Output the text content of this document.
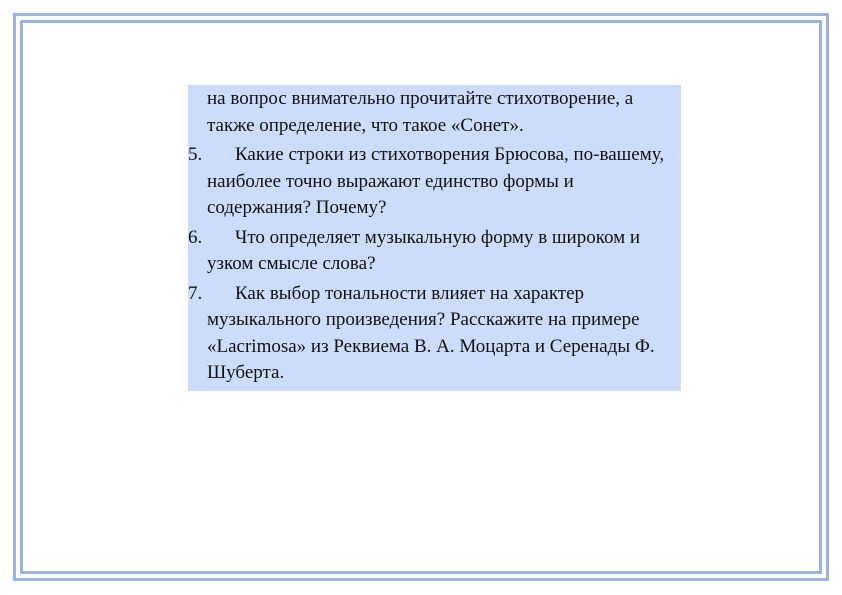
на вопрос внимательно прочитайте стихотворение, а также определение, что такое «Сонет».

5. Какие строки из стихотворения Брюсова, по-вашему, наиболее точно выражают единство формы и содержания? Почему?

6. Что определяет музыкальную форму в широком и узком смысле слова?

7. Как выбор тональности влияет на характер музыкального произведения? Расскажите на примере «Lacrimosa» из Реквиема В. А. Моцарта и Серенады Ф. Шуберта.
